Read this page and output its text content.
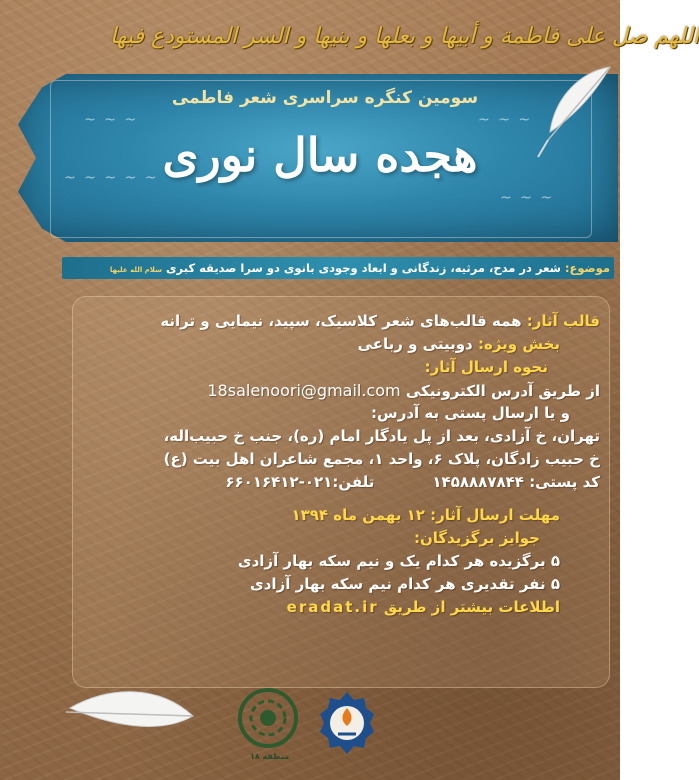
اللهم صل علی فاطمة و أبیها و بعلها و بنیها و السر المستودع فیها
~ ~ ~
~ ~ ~ ~ ~
~ ~ ~
~ ~ ~
سومین کنگره سراسری شعر فاطمی
هجده سال نوری
موضوع: شعر در مدح، مرثیه، زندگانی و ابعاد وجودی بانوی دو سرا صدیقه کبری سلام الله علیها
قالب آثار: همه قالب‌های شعر کلاسیک، سپید، نیمایی و ترانه
بخش ویژه: دوبیتی و رباعی
نحوه ارسال آثار:
از طریق آدرس الکترونیکی 18salenoori@gmail.com
و یا ارسال پستی به آدرس:
تهران، خ آزادی، بعد از پل یادگار امام (ره)، جنب خ حبیب‌اله،
خ حبیب زادگان، پلاک ۶، واحد ۱، مجمع شاعران اهل بیت (ع)
کد پستی: ۱۴۵۸۸۸۷۸۴۴تلفن:۰۲۱-۶۶۰۱۶۴۱۲
مهلت ارسال آثار: ۱۲ بهمن ماه ۱۳۹۴
جوایز برگزیدگان:
۵ برگزیده هر کدام یک و نیم سکه بهار آزادی
۵ نفر تقدیری هر کدام نیم سکه بهار آزادی
اطلاعات بیشتر از طریق eradat.ir
منطقه ۱۸
